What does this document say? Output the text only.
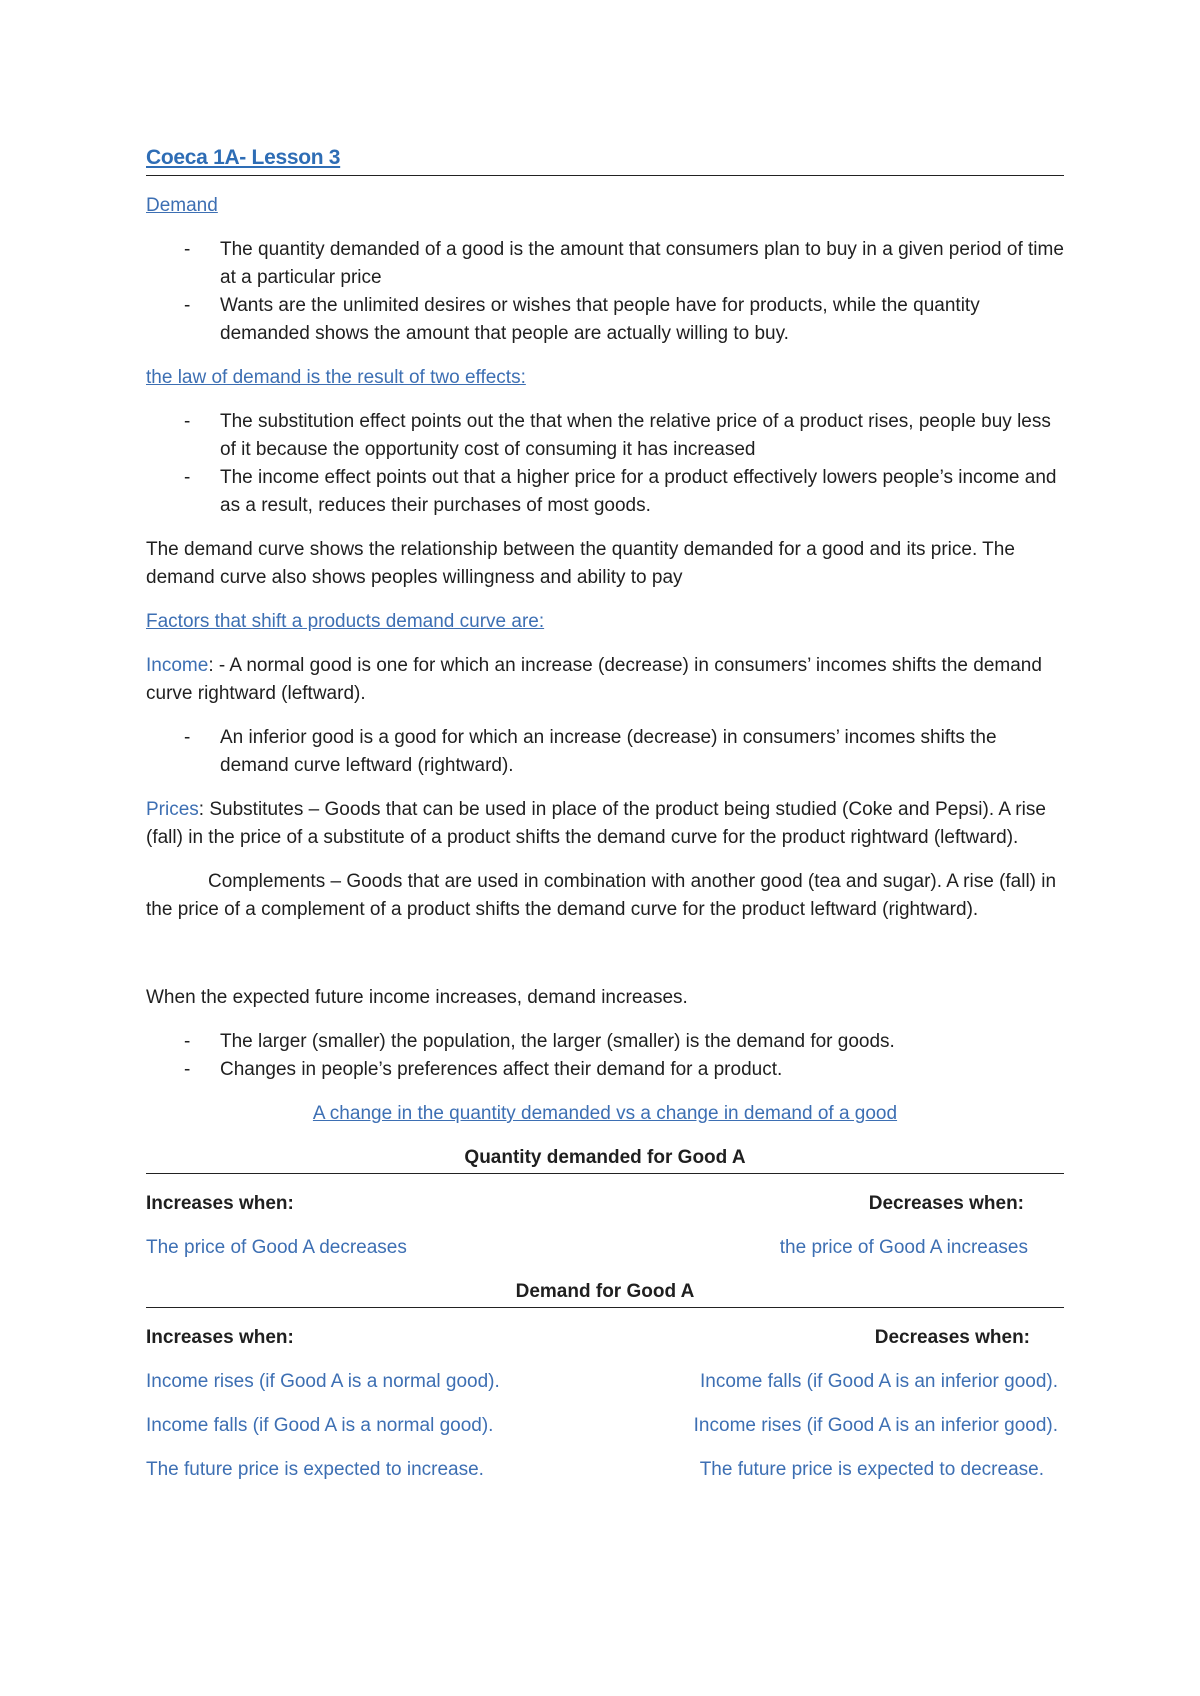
Coeca 1A- Lesson 3

Demand

- The quantity demanded of a good is the amount that consumers plan to buy in a given period of time at a particular price
- Wants are the unlimited desires or wishes that people have for products, while the quantity demanded shows the amount that people are actually willing to buy.

the law of demand is the result of two effects:

- The substitution effect points out the that when the relative price of a product rises, people buy less of it because the opportunity cost of consuming it has increased
- The income effect points out that a higher price for a product effectively lowers people’s income and as a result, reduces their purchases of most goods.

The demand curve shows the relationship between the quantity demanded for a good and its price. The demand curve also shows peoples willingness and ability to pay

Factors that shift a products demand curve are:

Income: - A normal good is one for which an increase (decrease) in consumers’ incomes shifts the demand curve rightward (leftward).

- An inferior good is a good for which an increase (decrease) in consumers’ incomes shifts the demand curve leftward (rightward).

Prices: Substitutes – Goods that can be used in place of the product being studied (Coke and Pepsi). A rise (fall) in the price of a substitute of a product shifts the demand curve for the product rightward (leftward).

Complements – Goods that are used in combination with another good (tea and sugar). A rise (fall) in the price of a complement of a product shifts the demand curve for the product leftward (rightward).

When the expected future income increases, demand increases.

- The larger (smaller) the population, the larger (smaller) is the demand for goods.
- Changes in people’s preferences affect their demand for a product.

A change in the quantity demanded vs a change in demand of a good

Quantity demanded for Good A
Increases when:	Decreases when:
The price of Good A decreases	the price of Good A increases
Demand for Good A
Increases when:	Decreases when:
Income rises (if Good A is a normal good).	Income falls (if Good A is an inferior good).
Income falls (if Good A is a normal good).	Income rises (if Good A is an inferior good).
The future price is expected to increase.	The future price is expected to decrease.
